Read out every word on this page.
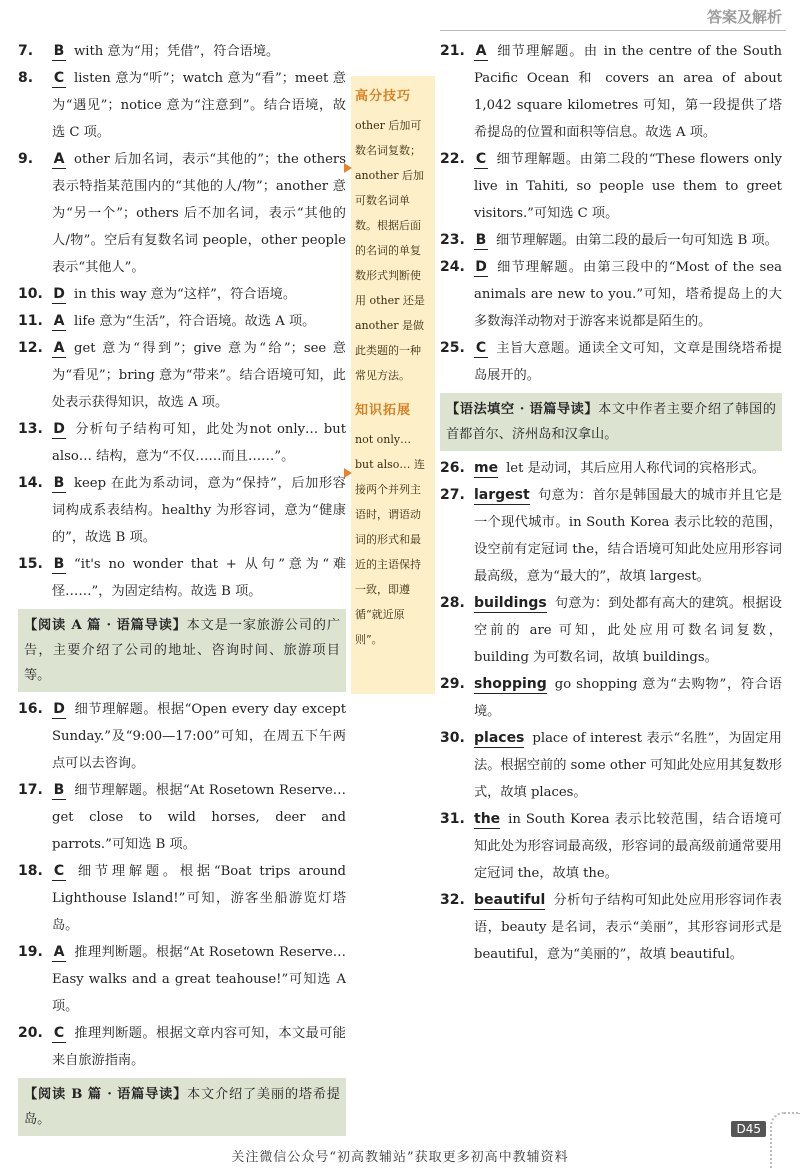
答案及解析
7. B with 意为“用；凭借”，符合语境。
8. C listen 意为“听”；watch 意为“看”；meet 意为“遇见”；notice 意为“注意到”。结合语境，故选 C 项。
9. A other 后加名词，表示“其他的”；the others 表示特指某范围内的“其他的人/物”；another 意为“另一个”；others 后不加名词，表示“其他的人/物”。空后有复数名词 people，other people 表示“其他人”。
10. D in this way 意为“这样”，符合语境。
11. A life 意为“生活”，符合语境。故选 A 项。
12. A get 意为“得到”；give 意为“给”；see 意为“看见”；bring 意为“带来”。结合语境可知，此处表示获得知识，故选 A 项。
13. D 分析句子结构可知，此处为not only… but also… 结构，意为“不仅……而且……”。
14. B keep 在此为系动词，意为“保持”，后加形容词构成系表结构。healthy 为形容词，意为“健康的”，故选 B 项。
15. B “it's no wonder that + 从句”意为“难怪……”，为固定结构。故选 B 项。
【阅读 A 篇 · 语篇导读】本文是一家旅游公司的广告，主要介绍了公司的地址、咨询时间、旅游项目等。
16. D 细节理解题。根据“Open every day except Sunday.”及“9:00—17:00”可知，在周五下午两点可以去咨询。
17. B 细节理解题。根据“At Rosetown Reserve… get close to wild horses, deer and parrots.”可知选 B 项。
18. C 细节理解题。根据“Boat trips around Lighthouse Island!”可知，游客坐船游览灯塔岛。
19. A 推理判断题。根据“At Rosetown Reserve… Easy walks and a great teahouse!”可知选 A 项。
20. C 推理判断题。根据文章内容可知，本文最可能来自旅游指南。
【阅读 B 篇 · 语篇导读】本文介绍了美丽的塔希提岛。
高分技巧
other 后加可数名词复数；another 后加可数名词单数。根据后面的名词的单复数形式判断使用 other 还是 another 是做此类题的一种常见方法。
知识拓展
not only… but also… 连接两个并列主语时，谓语动词的形式和最近的主语保持一致，即遵循“就近原则”。
21. A 细节理解题。由 in the centre of the South Pacific Ocean 和 covers an area of about 1,042 square kilometres 可知，第一段提供了塔希提岛的位置和面积等信息。故选 A 项。
22. C 细节理解题。由第二段的“These flowers only live in Tahiti, so people use them to greet visitors.”可知选 C 项。
23. B 细节理解题。由第二段的最后一句可知选 B 项。
24. D 细节理解题。由第三段中的“Most of the sea animals are new to you.”可知，塔希提岛上的大多数海洋动物对于游客来说都是陌生的。
25. C 主旨大意题。通读全文可知，文章是围绕塔希提岛展开的。
【语法填空 · 语篇导读】本文中作者主要介绍了韩国的首都首尔、济州岛和汉拿山。
26. me let 是动词，其后应用人称代词的宾格形式。
27. largest 句意为：首尔是韩国最大的城市并且它是一个现代城市。in South Korea 表示比较的范围，设空前有定冠词 the，结合语境可知此处应用形容词最高级，意为“最大的”，故填 largest。
28. buildings 句意为：到处都有高大的建筑。根据设空前的 are 可知，此处应用可数名词复数，building 为可数名词，故填 buildings。
29. shopping go shopping 意为“去购物”，符合语境。
30. places place of interest 表示“名胜”，为固定用法。根据空前的 some other 可知此处应用其复数形式，故填 places。
31. the in South Korea 表示比较范围，结合语境可知此处为形容词最高级，形容词的最高级前通常要用定冠词 the，故填 the。
32. beautiful 分析句子结构可知此处应用形容词作表语，beauty 是名词，表示“美丽”，其形容词形式是 beautiful，意为“美丽的”，故填 beautiful。
D45
关注微信公众号“初高教辅站”获取更多初高中教辅资料
